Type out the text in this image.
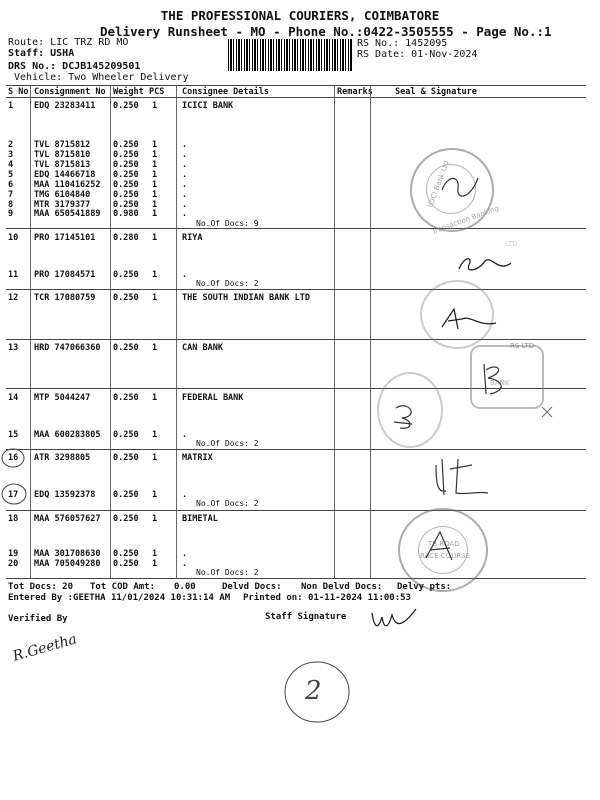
THE PROFESSIONAL COURIERS, COIMBATORE
Delivery Runsheet - MO - Phone No.:0422-3505555 - Page No.:1
Route: LIC TRZ RD MO
Staff: USHA
DRS No.: DCJB145209501
Vehicle: Two Wheeler Delivery
RS No.: 1452095
RS Date: 01-Nov-2024
S No Consignment No Weight PCS Consignee Details	Remarks	Seal & Signature
1 EDQ 23283411 0.250 1	ICICI BANK
2 TVL 8715812	0.250 1	.
3 TVL 8715810	0.250 1	.
4 TVL 8715813	0.250 1	.
5 EDQ 14466718 0.250 1	.
6 MAA 110416252 0.250 1	.
7 TMG 6104840	0.250 1	.
8 MTR 3179377	0.250 1	.
9 MAA 650541889 0.980 1	.
No.Of Docs: 9
10 PRO 17145101 0.280 1	RIYA
11 PRO 17084571 0.250 1	.
No.Of Docs: 2
12 TCR 17080759 0.250 1	THE SOUTH INDIAN BANK LTD
13 HRD 747066360 0.250 1	CAN BANK
14 MTP 5044247	0.250 1	FEDERAL BANK
15 MAA 600283805 0.250 1	.
No.Of Docs: 2
16 ATR 3298805	0.250 1	MATRIX
17 EDQ 13592378 0.250 1	.
No.Of Docs: 2
18 MAA 576057627 0.250 1	BIMETAL
19 MAA 301708630 0.250 1	.
20 MAA 705049280 0.250 1	.
No.Of Docs: 2
ICICI Bank Ltd
Transaction Banking
LTD.
RS LTD
BANK
TB ROAD
RACE COURSE
Tot Docs: 20 Tot COD Amt: 0.00	Delvd Docs: Non Delvd Docs: Delvy pts:
Entered By :GEETHA 11/01/2024 10:31:14 AM Printed on: 01-11-2024 11:00:53
Verified By	Staff Signature
R.Geetha
2
